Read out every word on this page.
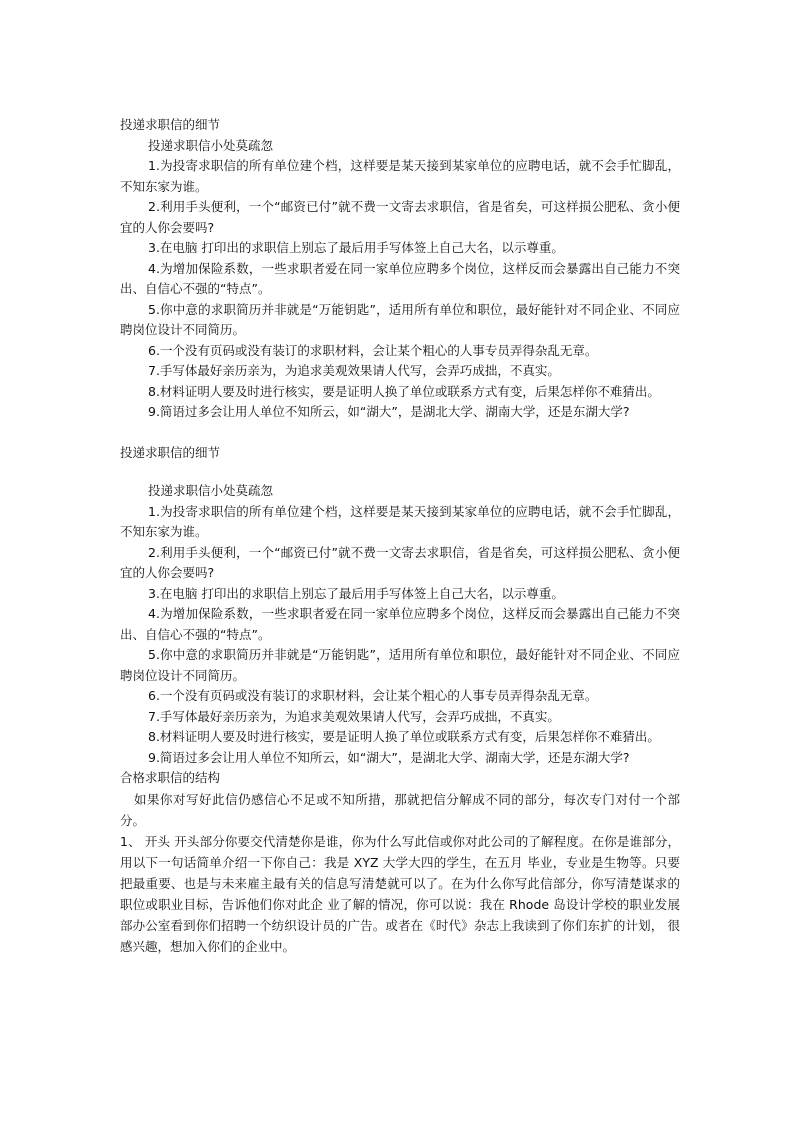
投递求职信的细节
投递求职信小处莫疏忽
1.为投寄求职信的所有单位建个档，这样要是某天接到某家单位的应聘电话，就不会手忙脚乱，不知东家为谁。
2.利用手头便利，一个“邮资已付”就不费一文寄去求职信，省是省矣，可这样损公肥私、贪小便宜的人你会要吗?
3.在电脑 打印出的求职信上别忘了最后用手写体签上自己大名，以示尊重。
4.为增加保险系数，一些求职者爱在同一家单位应聘多个岗位，这样反而会暴露出自己能力不突出、自信心不强的“特点”。
5.你中意的求职简历并非就是“万能钥匙”，适用所有单位和职位，最好能针对不同企业、不同应聘岗位设计不同简历。
6.一个没有页码或没有装订的求职材料，会让某个粗心的人事专员弄得杂乱无章。
7.手写体最好亲历亲为，为追求美观效果请人代写，会弄巧成拙，不真实。
8.材料证明人要及时进行核实，要是证明人换了单位或联系方式有变，后果怎样你不难猜出。
9.简语过多会让用人单位不知所云，如“湖大”，是湖北大学、湖南大学，还是东湖大学?
投递求职信的细节
投递求职信小处莫疏忽
1.为投寄求职信的所有单位建个档，这样要是某天接到某家单位的应聘电话，就不会手忙脚乱，不知东家为谁。
2.利用手头便利，一个“邮资已付”就不费一文寄去求职信，省是省矣，可这样损公肥私、贪小便宜的人你会要吗?
3.在电脑 打印出的求职信上别忘了最后用手写体签上自己大名，以示尊重。
4.为增加保险系数，一些求职者爱在同一家单位应聘多个岗位，这样反而会暴露出自己能力不突出、自信心不强的“特点”。
5.你中意的求职简历并非就是“万能钥匙”，适用所有单位和职位，最好能针对不同企业、不同应聘岗位设计不同简历。
6.一个没有页码或没有装订的求职材料，会让某个粗心的人事专员弄得杂乱无章。
7.手写体最好亲历亲为，为追求美观效果请人代写，会弄巧成拙，不真实。
8.材料证明人要及时进行核实，要是证明人换了单位或联系方式有变，后果怎样你不难猜出。
9.简语过多会让用人单位不知所云，如“湖大”，是湖北大学、湖南大学，还是东湖大学?
合格求职信的结构
如果你对写好此信仍感信心不足或不知所措，那就把信分解成不同的部分，每次专门对付一个部分。
1、 开头 开头部分你要交代清楚你是谁，你为什么写此信或你对此公司的了解程度。在你是谁部分，用以下一句话简单介绍一下你自己：我是 XYZ 大学大四的学生，在五月 毕业，专业是生物等。只要把最重要、也是与未来雇主最有关的信息写清楚就可以了。在为什么你写此信部分，你写清楚谋求的职位或职业目标，告诉他们你对此企 业了解的情况，你可以说：我在 Rhode 岛设计学校的职业发展部办公室看到你们招聘一个纺织设计员的广告。或者在《时代》杂志上我读到了你们东扩的计划， 很感兴趣，想加入你们的企业中。
